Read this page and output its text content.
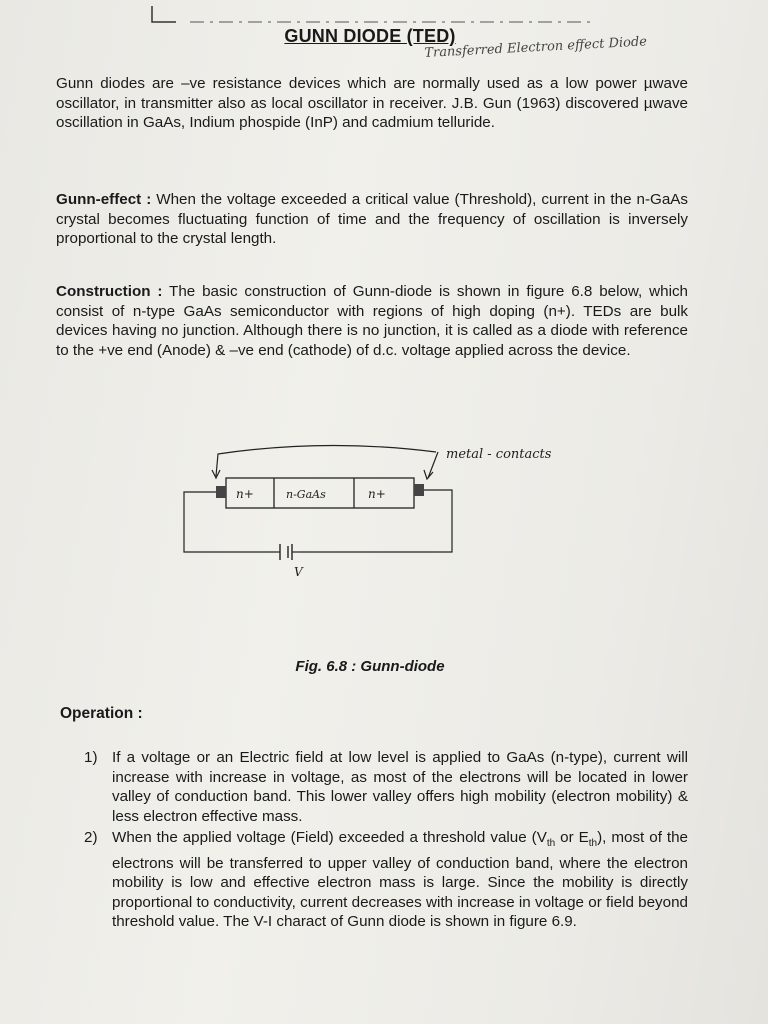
GUNN DIODE (TED)
Transferred Electron effect Diode

Gunn diodes are –ve resistance devices which are normally used as a low power µwave oscillator, in transmitter also as local oscillator in receiver. J.B. Gun (1963) discovered µwave oscillation in GaAs, Indium phospide (InP) and cadmium telluride.

Gunn-effect : When the voltage exceeded a critical value (Threshold), current in the n-GaAs crystal becomes fluctuating function of time and the frequency of oscillation is inversely proportional to the crystal length.

Construction : The basic construction of Gunn-diode is shown in figure 6.8 below, which consist of n-type GaAs semiconductor with regions of high doping (n+). TEDs are bulk devices having no junction. Although there is no junction, it is called as a diode with reference to the +ve end (Anode) & –ve end (cathode) of d.c. voltage applied across the device.

metal - contacts
n+	n-GaAs	n+
V
Fig. 6.8 : Gunn-diode
Operation :
1) If a voltage or an Electric field at low level is applied to GaAs (n-type), current will increase with increase in voltage, as most of the electrons will be located in lower valley of conduction band. This lower valley offers high mobility (electron mobility) & less electron effective mass.
2) When the applied voltage (Field) exceeded a threshold value ($V_{th}$ or $E_{th}$), most of the electrons will be transferred to upper valley of conduction band, where the electron mobility is low and effective electron mass is large. Since the mobility is directly proportional to conductivity, current decreases with increase in voltage or field beyond threshold value. The V-I charact of Gunn diode is shown in figure 6.9.
